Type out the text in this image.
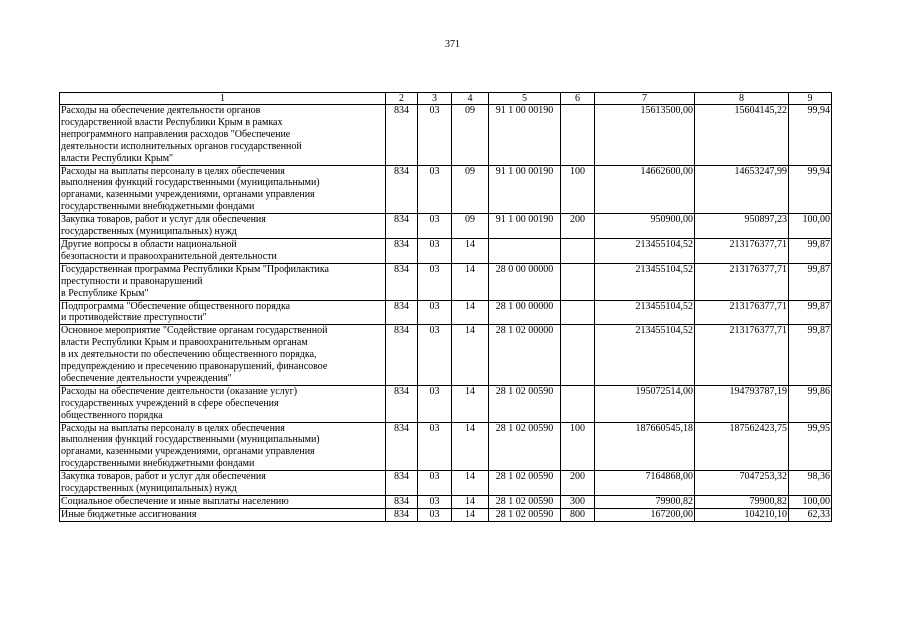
371
1	2	3	4	5	6	7	8	9
Расходы на обеспечение деятельности органов
государственной власти Республики Крым в рамках
непрограммного направления расходов "Обеспечение
деятельности исполнительных органов государственной
власти Республики Крым"	834	03	09	91 1 00 00190		15613500,00	15604145,22	99,94
Расходы на выплаты персоналу в целях обеспечения
выполнения функций государственными (муниципальными)
органами, казенными учреждениями, органами управления
государственными внебюджетными фондами	834	03	09	91 1 00 00190	100	14662600,00	14653247,99	99,94
Закупка товаров, работ и услуг для обеспечения
государственных (муниципальных) нужд	834	03	09	91 1 00 00190	200	950900,00	950897,23	100,00
Другие вопросы в области национальной
безопасности и правоохранительной деятельности	834	03	14			213455104,52	213176377,71	99,87
Государственная программа Республики Крым "Профилактика
преступности и правонарушений
в Республике Крым"	834	03	14	28 0 00 00000		213455104,52	213176377,71	99,87
Подпрограмма "Обеспечение общественного порядка
и противодействие преступности"	834	03	14	28 1 00 00000		213455104,52	213176377,71	99,87
Основное мероприятие "Содействие органам государственной
власти Республики Крым и правоохранительным органам
в их деятельности по обеспечению общественного порядка,
предупреждению и пресечению правонарушений, финансовое
обеспечение деятельности учреждения"	834	03	14	28 1 02 00000		213455104,52	213176377,71	99,87
Расходы на обеспечение деятельности (оказание услуг)
государственных учреждений в сфере обеспечения
общественного порядка	834	03	14	28 1 02 00590		195072514,00	194793787,19	99,86
Расходы на выплаты персоналу в целях обеспечения
выполнения функций государственными (муниципальными)
органами, казенными учреждениями, органами управления
государственными внебюджетными фондами	834	03	14	28 1 02 00590	100	187660545,18	187562423,75	99,95
Закупка товаров, работ и услуг для обеспечения
государственных (муниципальных) нужд	834	03	14	28 1 02 00590	200	7164868,00	7047253,32	98,36
Социальное обеспечение и иные выплаты населению	834	03	14	28 1 02 00590	300	79900,82	79900,82	100,00
Иные бюджетные ассигнования	834	03	14	28 1 02 00590	800	167200,00	104210,10	62,33
